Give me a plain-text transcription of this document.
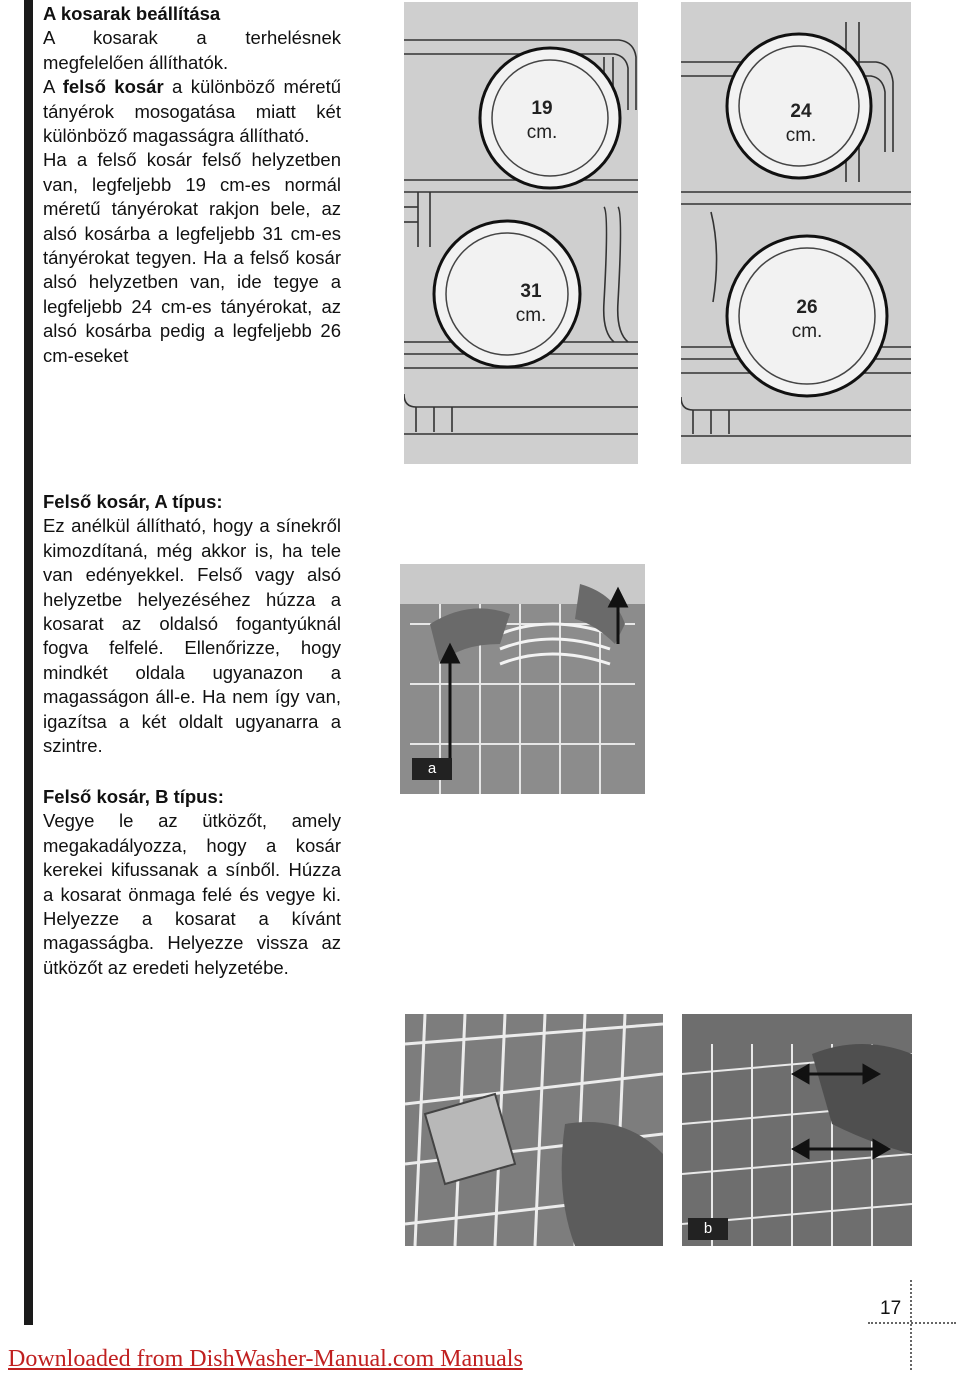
A kosarak beállítása

A kosarak a terhelésnek megfelelően állíthatók.

A felső kosár a különböző méretű tányérok mosogatása miatt két különböző magasságra állítható.

Ha a felső kosár felső helyzetben van, legfeljebb 19 cm-es normál méretű tányérokat rakjon bele, az alsó kosárba a legfeljebb 31 cm-es tányérokat tegyen. Ha a felső kosár alsó helyzetben van, ide tegye a legfeljebb 24 cm-es tányérokat, az alsó kosárba pedig a legfeljebb 26 cm-eseket

Felső kosár, A típus:

Ez anélkül állítható, hogy a sínekről kimozdítaná, még akkor is, ha tele van edényekkel. Felső vagy alsó helyzetbe helyezéséhez húzza a kosarat az oldalsó fogantyúknál fogva felfelé. Ellenőrizze, hogy mindkét oldala ugyanazon a magasságon áll-e. Ha nem így van, igazítsa a két oldalt ugyanarra a szintre.

Felső kosár, B típus:

Vegye le az ütközőt, amely megakadályozza, hogy a kosár kerekei kifussanak a sínből. Húzza a kosarat önmaga felé és vegye ki. Helyezze a kosarat a kívánt magasságba. Helyezze vissza az ütközőt az eredeti helyzetébe.

19
cm.
31
cm.
24
cm.
26
cm.
a
b
17
Downloaded from DishWasher-Manual.com Manuals
